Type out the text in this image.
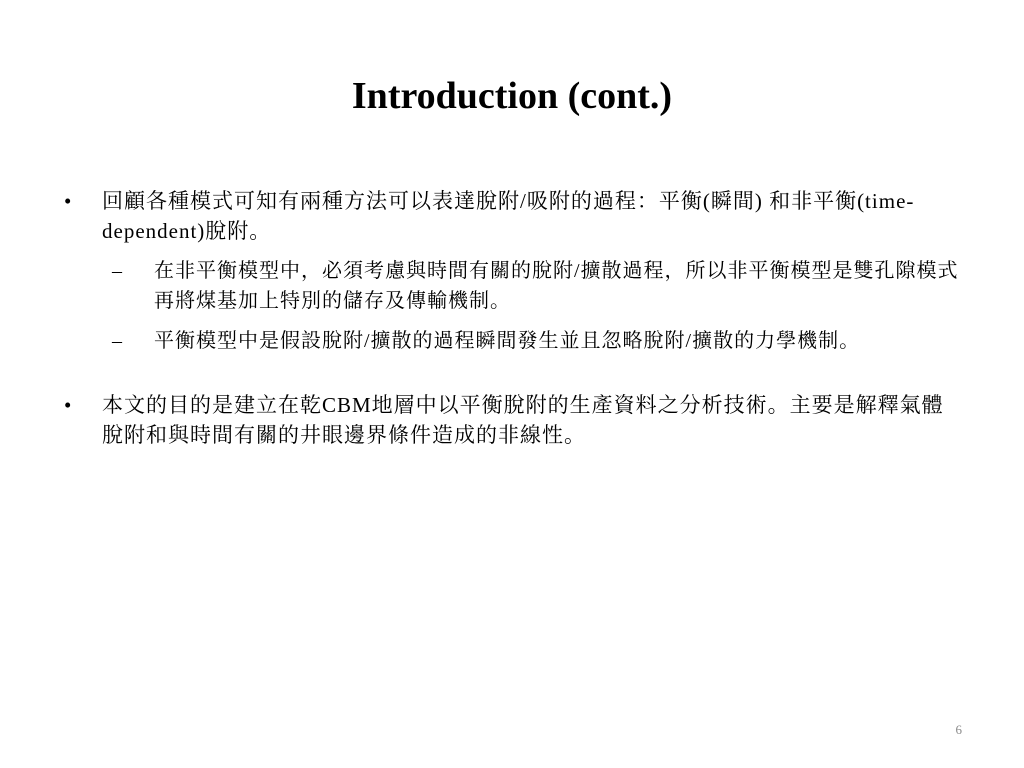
Introduction (cont.)
•	回顧各種模式可知有兩種方法可以表達脫附/吸附的過程：平衡(瞬間) 和非平衡(time-dependent)脫附。
– 在非平衡模型中，必須考慮與時間有關的脫附/擴散過程，所以非平衡模型是雙孔隙模式再將煤基加上特別的儲存及傳輸機制。
– 平衡模型中是假設脫附/擴散的過程瞬間發生並且忽略脫附/擴散的力學機制。
•	本文的目的是建立在乾CBM地層中以平衡脫附的生產資料之分析技術。主要是解釋氣體脫附和與時間有關的井眼邊界條件造成的非線性。
6
